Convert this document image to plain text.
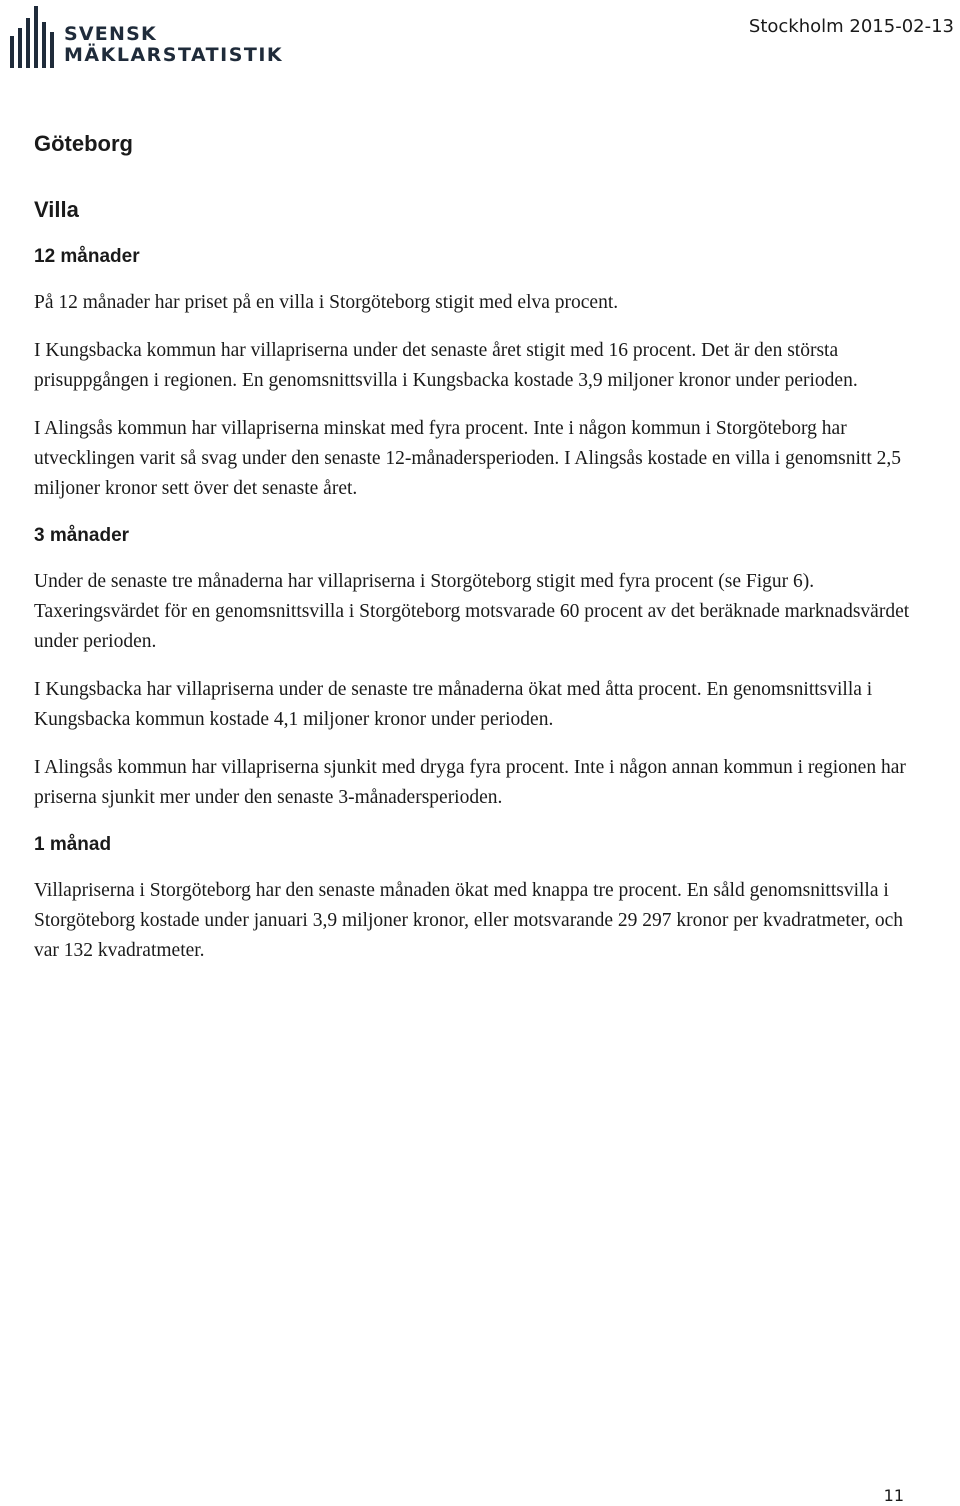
SVENSK
MÄKLARSTATISTIK
Stockholm 2015-02-13
Göteborg
Villa
12 månader

På 12 månader har priset på en villa i Storgöteborg stigit med elva procent.

I Kungsbacka kommun har villapriserna under det senaste året stigit med 16 procent. Det är den största prisuppgången i regionen. En genomsnittsvilla i Kungsbacka kostade 3,9 miljoner kronor under perioden.

I Alingsås kommun har villapriserna minskat med fyra procent. Inte i någon kommun i Storgöteborg har utvecklingen varit så svag under den senaste 12-månadersperioden. I Alingsås kostade en villa i genomsnitt 2,5 miljoner kronor sett över det senaste året.

3 månader

Under de senaste tre månaderna har villapriserna i Storgöteborg stigit med fyra procent (se Figur 6). Taxeringsvärdet för en genomsnittsvilla i Storgöteborg motsvarade 60 procent av det beräknade marknadsvärdet under perioden.

I Kungsbacka har villapriserna under de senaste tre månaderna ökat med åtta procent. En genomsnittsvilla i Kungsbacka kommun kostade 4,1 miljoner kronor under perioden.

I Alingsås kommun har villapriserna sjunkit med dryga fyra procent. Inte i någon annan kommun i regionen har priserna sjunkit mer under den senaste 3-månadersperioden.

1 månad

Villapriserna i Storgöteborg har den senaste månaden ökat med knappa tre procent. En såld genomsnittsvilla i Storgöteborg kostade under januari 3,9 miljoner kronor, eller motsvarande 29 297 kronor per kvadratmeter, och var 132 kvadratmeter.

11
